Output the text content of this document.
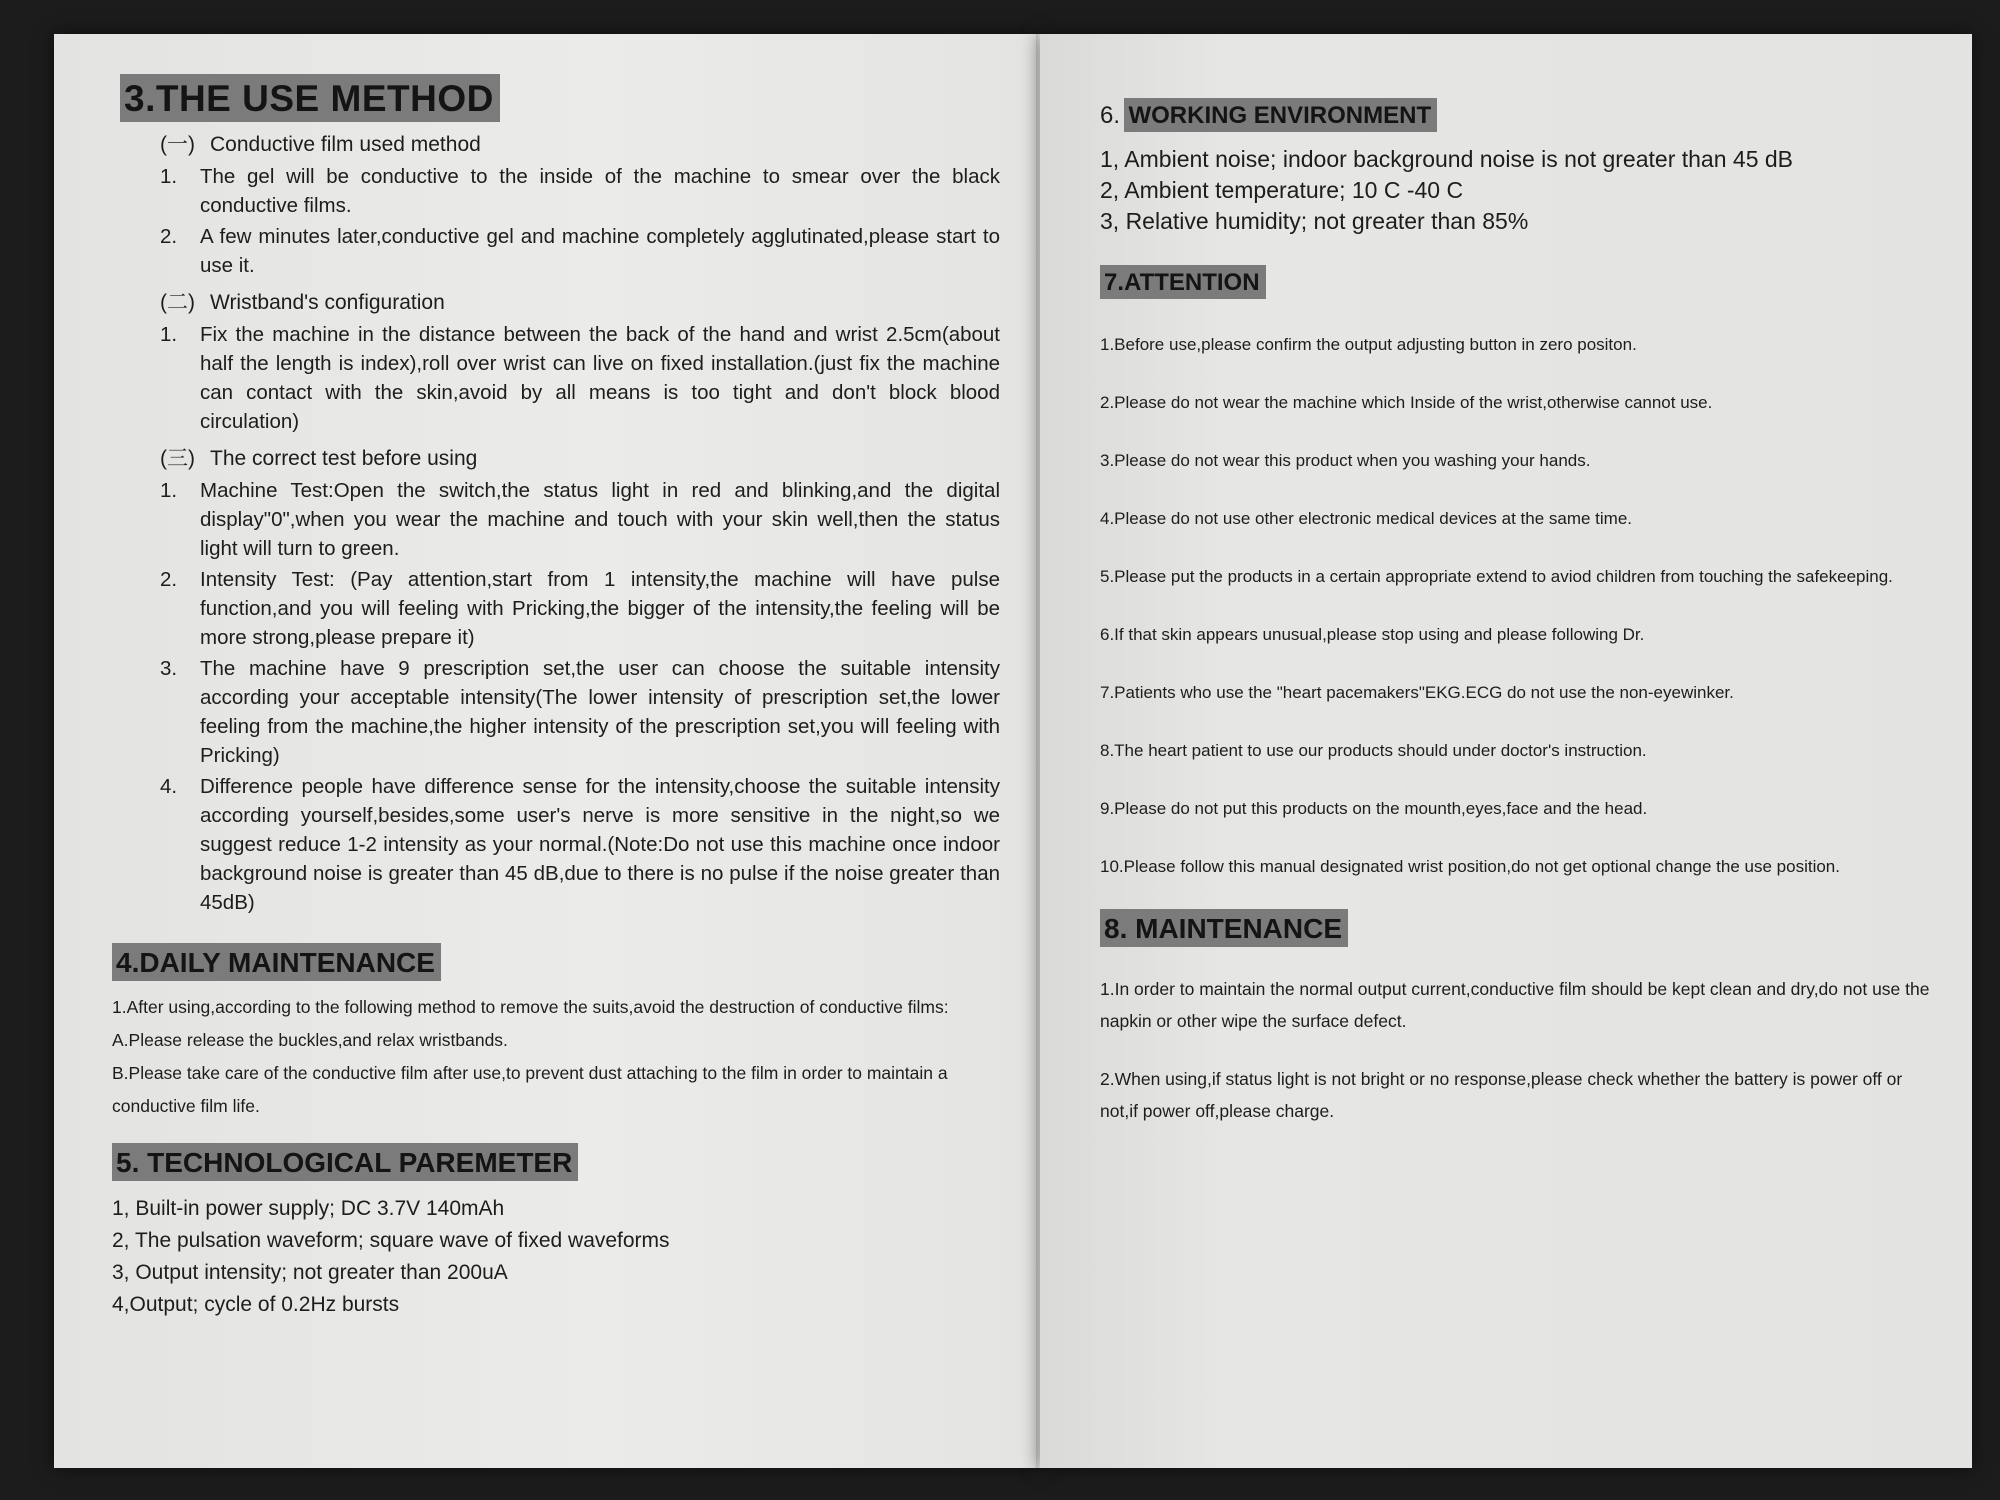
3.THE USE METHOD
(一) Conductive film used method
1. The gel will be conductive to the inside of the machine to smear over the black conductive films.
2. A few minutes later,conductive gel and machine completely agglutinated,please start to use it.
(二) Wristband's configuration
1. Fix the machine in the distance between the back of the hand and wrist 2.5cm(about half the length is index),roll over wrist can live on fixed installation.(just fix the machine can contact with the skin,avoid by all means is too tight and don't block blood circulation)
(三) The correct test before using
1. Machine Test:Open the switch,the status light in red and blinking,and the digital display"0",when you wear the machine and touch with your skin well,then the status light will turn to green.
2. Intensity Test: (Pay attention,start from 1 intensity,the machine will have pulse function,and you will feeling with Pricking,the bigger of the intensity,the feeling will be more strong,please prepare it)
3. The machine have 9 prescription set,the user can choose the suitable intensity according your acceptable intensity(The lower intensity of prescription set,the lower feeling from the machine,the higher intensity of the prescription set,you will feeling with Pricking)
4. Difference people have difference sense for the intensity,choose the suitable intensity according yourself,besides,some user's nerve is more sensitive in the night,so we suggest reduce 1-2 intensity as your normal.(Note:Do not use this machine once indoor background noise is greater than 45 dB,due to there is no pulse if the noise greater than 45dB)
4.DAILY MAINTENANCE

1.After using,according to the following method to remove the suits,avoid the destruction of conductive films:

A.Please release the buckles,and relax wristbands.

B.Please take care of the conductive film after use,to prevent dust attaching to the film in order to maintain a conductive film life.

5. TECHNOLOGICAL PAREMETER
1, Built-in power supply; DC 3.7V 140mAh
2, The pulsation waveform; square wave of fixed waveforms
3, Output intensity; not greater than 200uA
4,Output; cycle of 0.2Hz bursts
6. WORKING ENVIRONMENT
1, Ambient noise; indoor background noise is not greater than 45 dB
2, Ambient temperature; 10 C -40 C
3, Relative humidity; not greater than 85%
7.ATTENTION

1.Before use,please confirm the output adjusting button in zero positon.

2.Please do not wear the machine which Inside of the wrist,otherwise cannot use.

3.Please do not wear this product when you washing your hands.

4.Please do not use other electronic medical devices at the same time.

5.Please put the products in a certain appropriate extend to aviod children from touching the safekeeping.

6.If that skin appears unusual,please stop using and please following Dr.

7.Patients who use the "heart pacemakers"EKG.ECG do not use the non-eyewinker.

8.The heart patient to use our products should under doctor's instruction.

9.Please do not put this products on the mounth,eyes,face and the head.

10.Please follow this manual designated wrist position,do not get optional change the use position.

8. MAINTENANCE

1.In order to maintain the normal output current,conductive film should be kept clean and dry,do not use the napkin or other wipe the surface defect.

2.When using,if status light is not bright or no response,please check whether the battery is power off or not,if power off,please charge.
